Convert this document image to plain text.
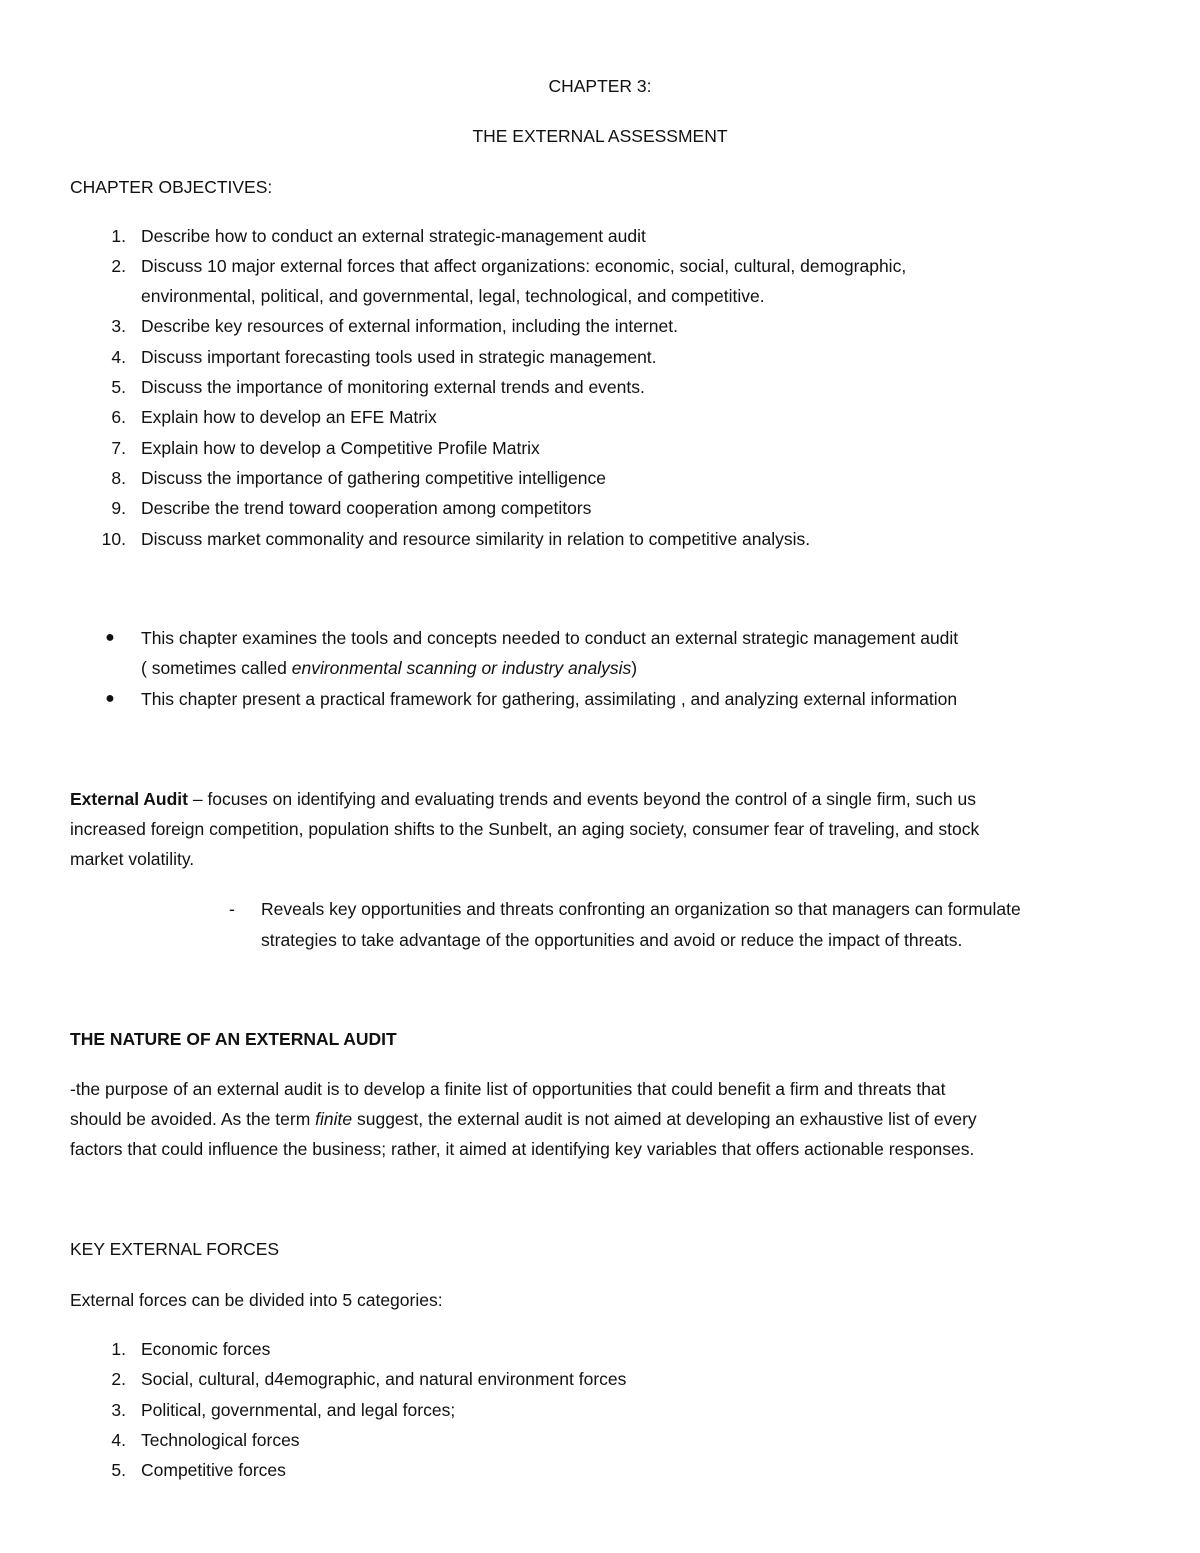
CHAPTER 3:
THE EXTERNAL ASSESSMENT
CHAPTER OBJECTIVES:
1. Describe how to conduct an external strategic-management audit
2. Discuss 10 major external forces that affect organizations: economic, social, cultural, demographic,
environmental, political, and governmental, legal, technological, and competitive.
3. Describe key resources of external information, including the internet.
4. Discuss important forecasting tools used in strategic management.
5. Discuss the importance of monitoring external trends and events.
6. Explain how to develop an EFE Matrix
7. Explain how to develop a Competitive Profile Matrix
8. Discuss the importance of gathering competitive intelligence
9. Describe the trend toward cooperation among competitors
10. Discuss market commonality and resource similarity in relation to competitive analysis.
● This chapter examines the tools and concepts needed to conduct an external strategic management audit
( sometimes called environmental scanning or industry analysis)
● This chapter present a practical framework for gathering, assimilating , and analyzing external information
External Audit – focuses on identifying and evaluating trends and events beyond the control of a single firm, such us
increased foreign competition, population shifts to the Sunbelt, an aging society, consumer fear of traveling, and stock
market volatility.
- Reveals key opportunities and threats confronting an organization so that managers can formulate
strategies to take advantage of the opportunities and avoid or reduce the impact of threats.
THE NATURE OF AN EXTERNAL AUDIT
-the purpose of an external audit is to develop a finite list of opportunities that could benefit a firm and threats that
should be avoided. As the term finite suggest, the external audit is not aimed at developing an exhaustive list of every
factors that could influence the business; rather, it aimed at identifying key variables that offers actionable responses.
KEY EXTERNAL FORCES
External forces can be divided into 5 categories:
1. Economic forces
2. Social, cultural, d4emographic, and natural environment forces
3. Political, governmental, and legal forces;
4. Technological forces
5. Competitive forces
